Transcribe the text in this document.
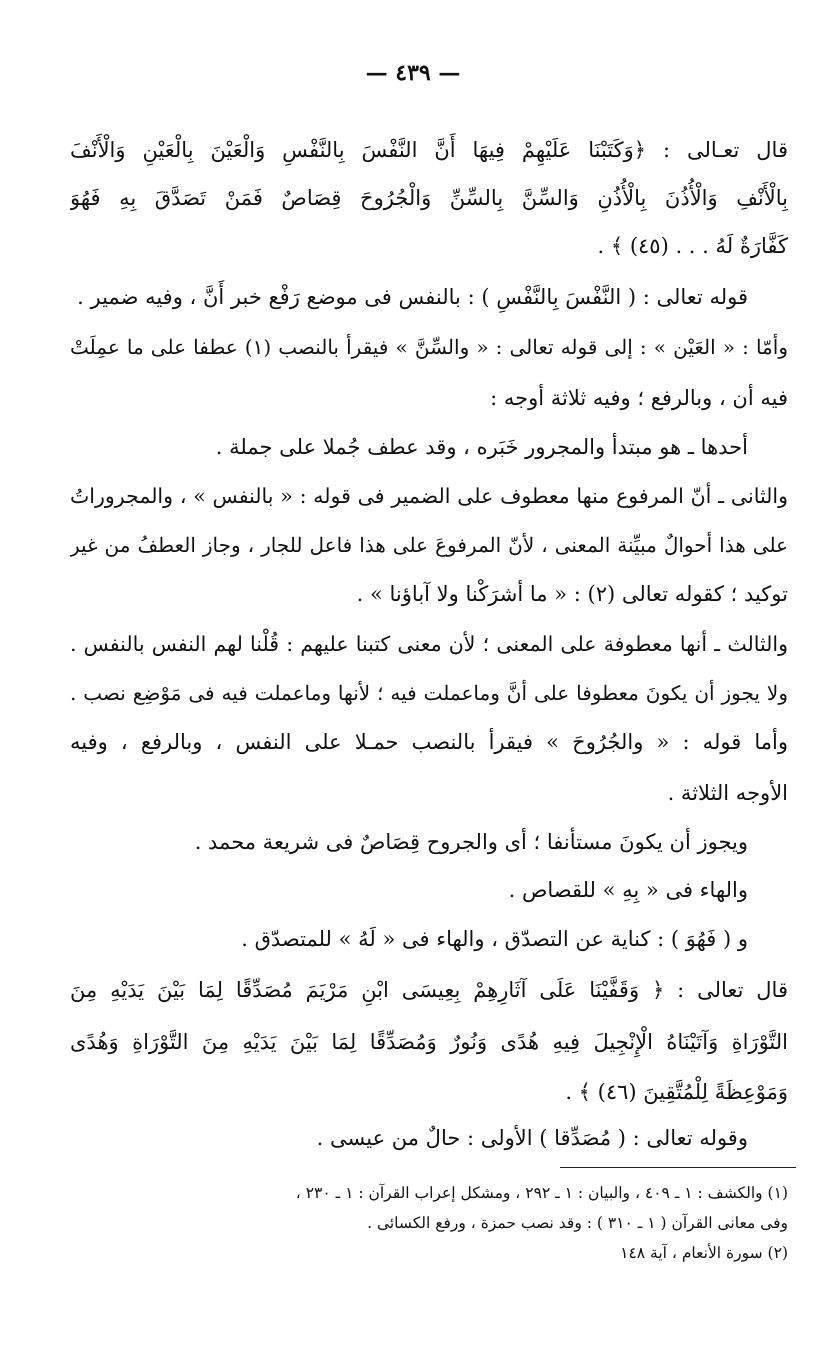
— ٤٣٩ —
قال تعـالى : ﴿وَكَتَبْنَا عَلَيْهِمْ فِيهَا أَنَّ النَّفْسَ بِالنَّفْسِ وَالْعَيْنَ بِالْعَيْنِ وَالْأَنْفَ
بِالْأَنْفِ وَالْأُذُنَ بِالْأُذُنِ وَالسِّنَّ بِالسِّنِّ وَالْجُرُوحَ قِصَاصٌ فَمَنْ تَصَدَّقَ بِهِ فَهُوَ
كَفَّارَةٌ لَهُ . . . (٤٥) ﴾ .
قوله تعالى : ( النَّفْسَ بِالنَّفْسِ ) : بالنفس فى موضع رَفْع خبر أَنَّ ، وفيه ضمير .
وأمّا : « العَيْن » : إلى قوله تعالى : « والسِّنَّ » فيقرأ بالنصب (١) عطفا على ما عمِلَتْ
فيه أن ، وبالرفع ؛ وفيه ثلاثة أوجه :
أحدها ـ هو مبتدأ والمجرور خَبَره ، وقد عطف جُملا على جملة .
والثانى ـ أنّ المرفوع منها معطوف على الضمير فى قوله : « بالنفس » ، والمجروراتُ
على هذا أحوالٌ مبيِّنة المعنى ، لأنّ المرفوعَ على هذا فاعل للجار ، وجاز العطفُ من غير
توكيد ؛ كقوله تعالى (٢) : « ما أشرَكْنا ولا آباؤنا » .
والثالث ـ أنها معطوفة على المعنى ؛ لأن معنى كتبنا عليهم : قُلْنا لهم النفس بالنفس .
ولا يجوز أن يكونَ معطوفا على أنَّ وماعملت فيه ؛ لأنها وماعملت فيه فى مَوْضِع نصب .
وأما قوله : « والجُرُوحَ » فيقرأ بالنصب حمـلا على النفس ، وبالرفع ، وفيه
الأوجه الثلاثة .
ويجوز أن يكونَ مستأنفا ؛ أى والجروح قِصَاصٌ فى شريعة محمد .
والهاء فى « بِهِ » للقصاص .
و ( فَهُوَ ) : كناية عن التصدّق ، والهاء فى « لَهُ » للمتصدّق .
قال تعالى : ﴿ وَقَفَّيْنَا عَلَى آثَارِهِمْ بِعِيسَى ابْنِ مَرْيَمَ مُصَدِّقًا لِمَا بَيْنَ يَدَيْهِ مِنَ
التَّوْرَاةِ وَآتَيْنَاهُ الْإِنْجِيلَ فِيهِ هُدًى وَنُورٌ وَمُصَدِّقًا لِمَا بَيْنَ يَدَيْهِ مِنَ التَّوْرَاةِ وَهُدًى
وَمَوْعِظَةً لِلْمُتَّقِينَ (٤٦) ﴾ .
وقوله تعالى : ( مُصَدِّقا ) الأولى : حالٌ من عيسى .
(١) والكشف : ١ ـ ٤٠٩ ، والبيان : ١ ـ ٢٩٢ ، ومشكل إعراب القرآن : ١ ـ ٢٣٠ ،
وفى معانى القرآن ( ١ ـ ٣١٠ ) : وقد نصب حمزة ، ورفع الكسائى .
(٢) سورة الأنعام ، آية ١٤٨
